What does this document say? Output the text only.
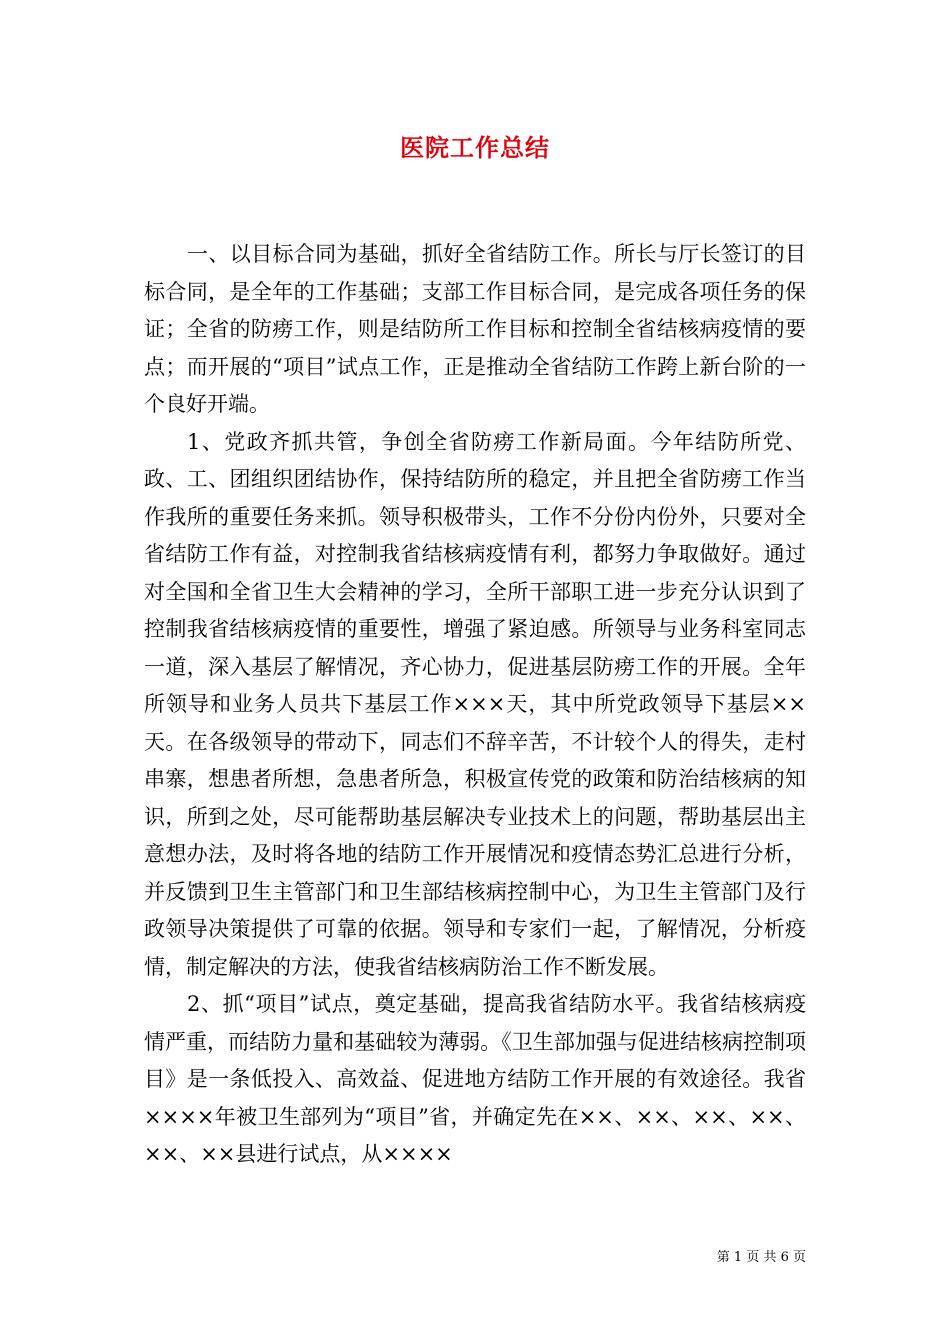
医院工作总结

一、以目标合同为基础，抓好全省结防工作。所长与厅长签订的目标合同，是全年的工作基础；支部工作目标合同，是完成各项任务的保证；全省的防痨工作，则是结防所工作目标和控制全省结核病疫情的要点；而开展的“项目”试点工作，正是推动全省结防工作跨上新台阶的一个良好开端。

1、党政齐抓共管，争创全省防痨工作新局面。今年结防所党、政、工、团组织团结协作，保持结防所的稳定，并且把全省防痨工作当作我所的重要任务来抓。领导积极带头，工作不分份内份外，只要对全省结防工作有益，对控制我省结核病疫情有利，都努力争取做好。通过对全国和全省卫生大会精神的学习，全所干部职工进一步充分认识到了控制我省结核病疫情的重要性，增强了紧迫感。所领导与业务科室同志一道，深入基层了解情况，齐心协力，促进基层防痨工作的开展。全年所领导和业务人员共下基层工作×××天，其中所党政领导下基层××天。在各级领导的带动下，同志们不辞辛苦，不计较个人的得失，走村串寨，想患者所想，急患者所急，积极宣传党的政策和防治结核病的知识，所到之处，尽可能帮助基层解决专业技术上的问题，帮助基层出主意想办法，及时将各地的结防工作开展情况和疫情态势汇总进行分析，并反馈到卫生主管部门和卫生部结核病控制中心，为卫生主管部门及行政领导决策提供了可靠的依据。领导和专家们一起，了解情况，分析疫情，制定解决的方法，使我省结核病防治工作不断发展。

2、抓“项目”试点，奠定基础，提高我省结防水平。我省结核病疫情严重，而结防力量和基础较为薄弱。《卫生部加强与促进结核病控制项目》是一条低投入、高效益、促进地方结防工作开展的有效途径。我省××××年被卫生部列为“项目”省，并确定先在××、××、××、××、××、××县进行试点，从××××

第 1 页 共 6 页
